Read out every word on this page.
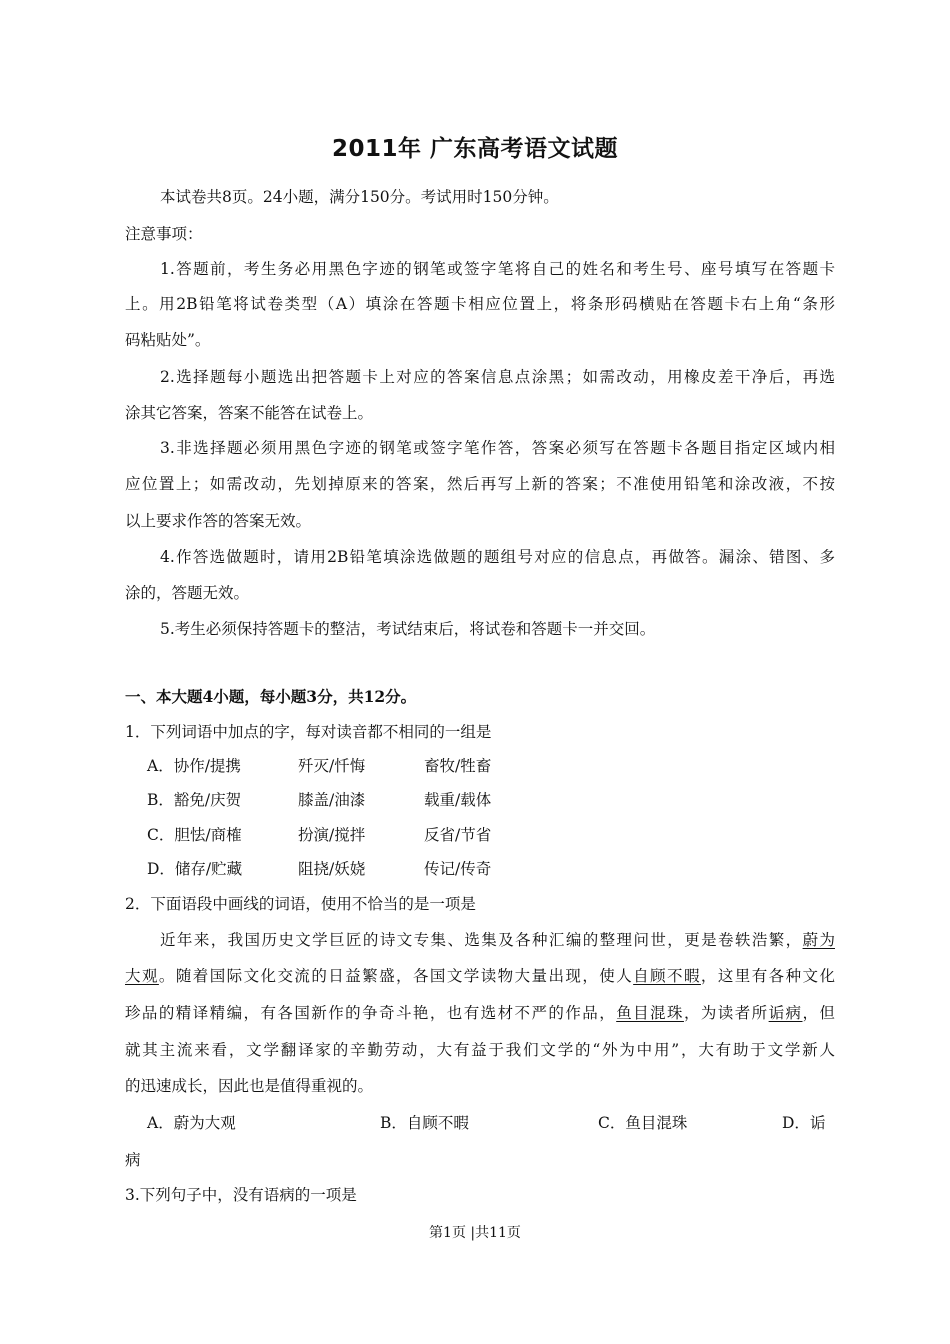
2011年 广东高考语文试题
本试卷共8页。24小题，满分150分。考试用时150分钟。
注意事项：
1.答题前，考生务必用黑色字迹的钢笔或签字笔将自己的姓名和考生号、座号填写在答题卡
上。用2B铅笔将试卷类型（A）填涂在答题卡相应位置上，将条形码横贴在答题卡右上角“条形
码粘贴处”。
2.选择题每小题选出把答题卡上对应的答案信息点涂黑；如需改动，用橡皮差干净后，再选
涂其它答案，答案不能答在试卷上。
3.非选择题必须用黑色字迹的钢笔或签字笔作答，答案必须写在答题卡各题目指定区域内相
应位置上；如需改动，先划掉原来的答案，然后再写上新的答案；不准使用铅笔和涂改液，不按
以上要求作答的答案无效。
4.作答选做题时，请用2B铅笔填涂选做题的题组号对应的信息点，再做答。漏涂、错图、多
涂的，答题无效。
5.考生必须保持答题卡的整洁，考试结束后，将试卷和答题卡一并交回。
一、本大题4小题，每小题3分，共12分。
1．下列词语中加点的字，每对读音都不相同的一组是
A．协作/提携	歼灭/忏悔	畜牧/牲畜
B．豁免/庆贺	膝盖/油漆	载重/载体
C．胆怯/商榷	扮演/搅拌	反省/节省
D．储存/贮藏	阻挠/妖娆	传记/传奇
2．下面语段中画线的词语，使用不恰当的是一项是
近年来，我国历史文学巨匠的诗文专集、选集及各种汇编的整理问世，更是卷轶浩繁，蔚为
大观。随着国际文化交流的日益繁盛，各国文学读物大量出现，使人自顾不暇，这里有各种文化
珍品的精译精编，有各国新作的争奇斗艳，也有选材不严的作品，鱼目混珠，为读者所诟病，但
就其主流来看，文学翻译家的辛勤劳动，大有益于我们文学的“外为中用”，大有助于文学新人
的迅速成长，因此也是值得重视的。
A．蔚为大观	B．自顾不暇	C．鱼目混珠	D．诟
病
3.下列句子中，没有语病的一项是
第1页 |共11页
